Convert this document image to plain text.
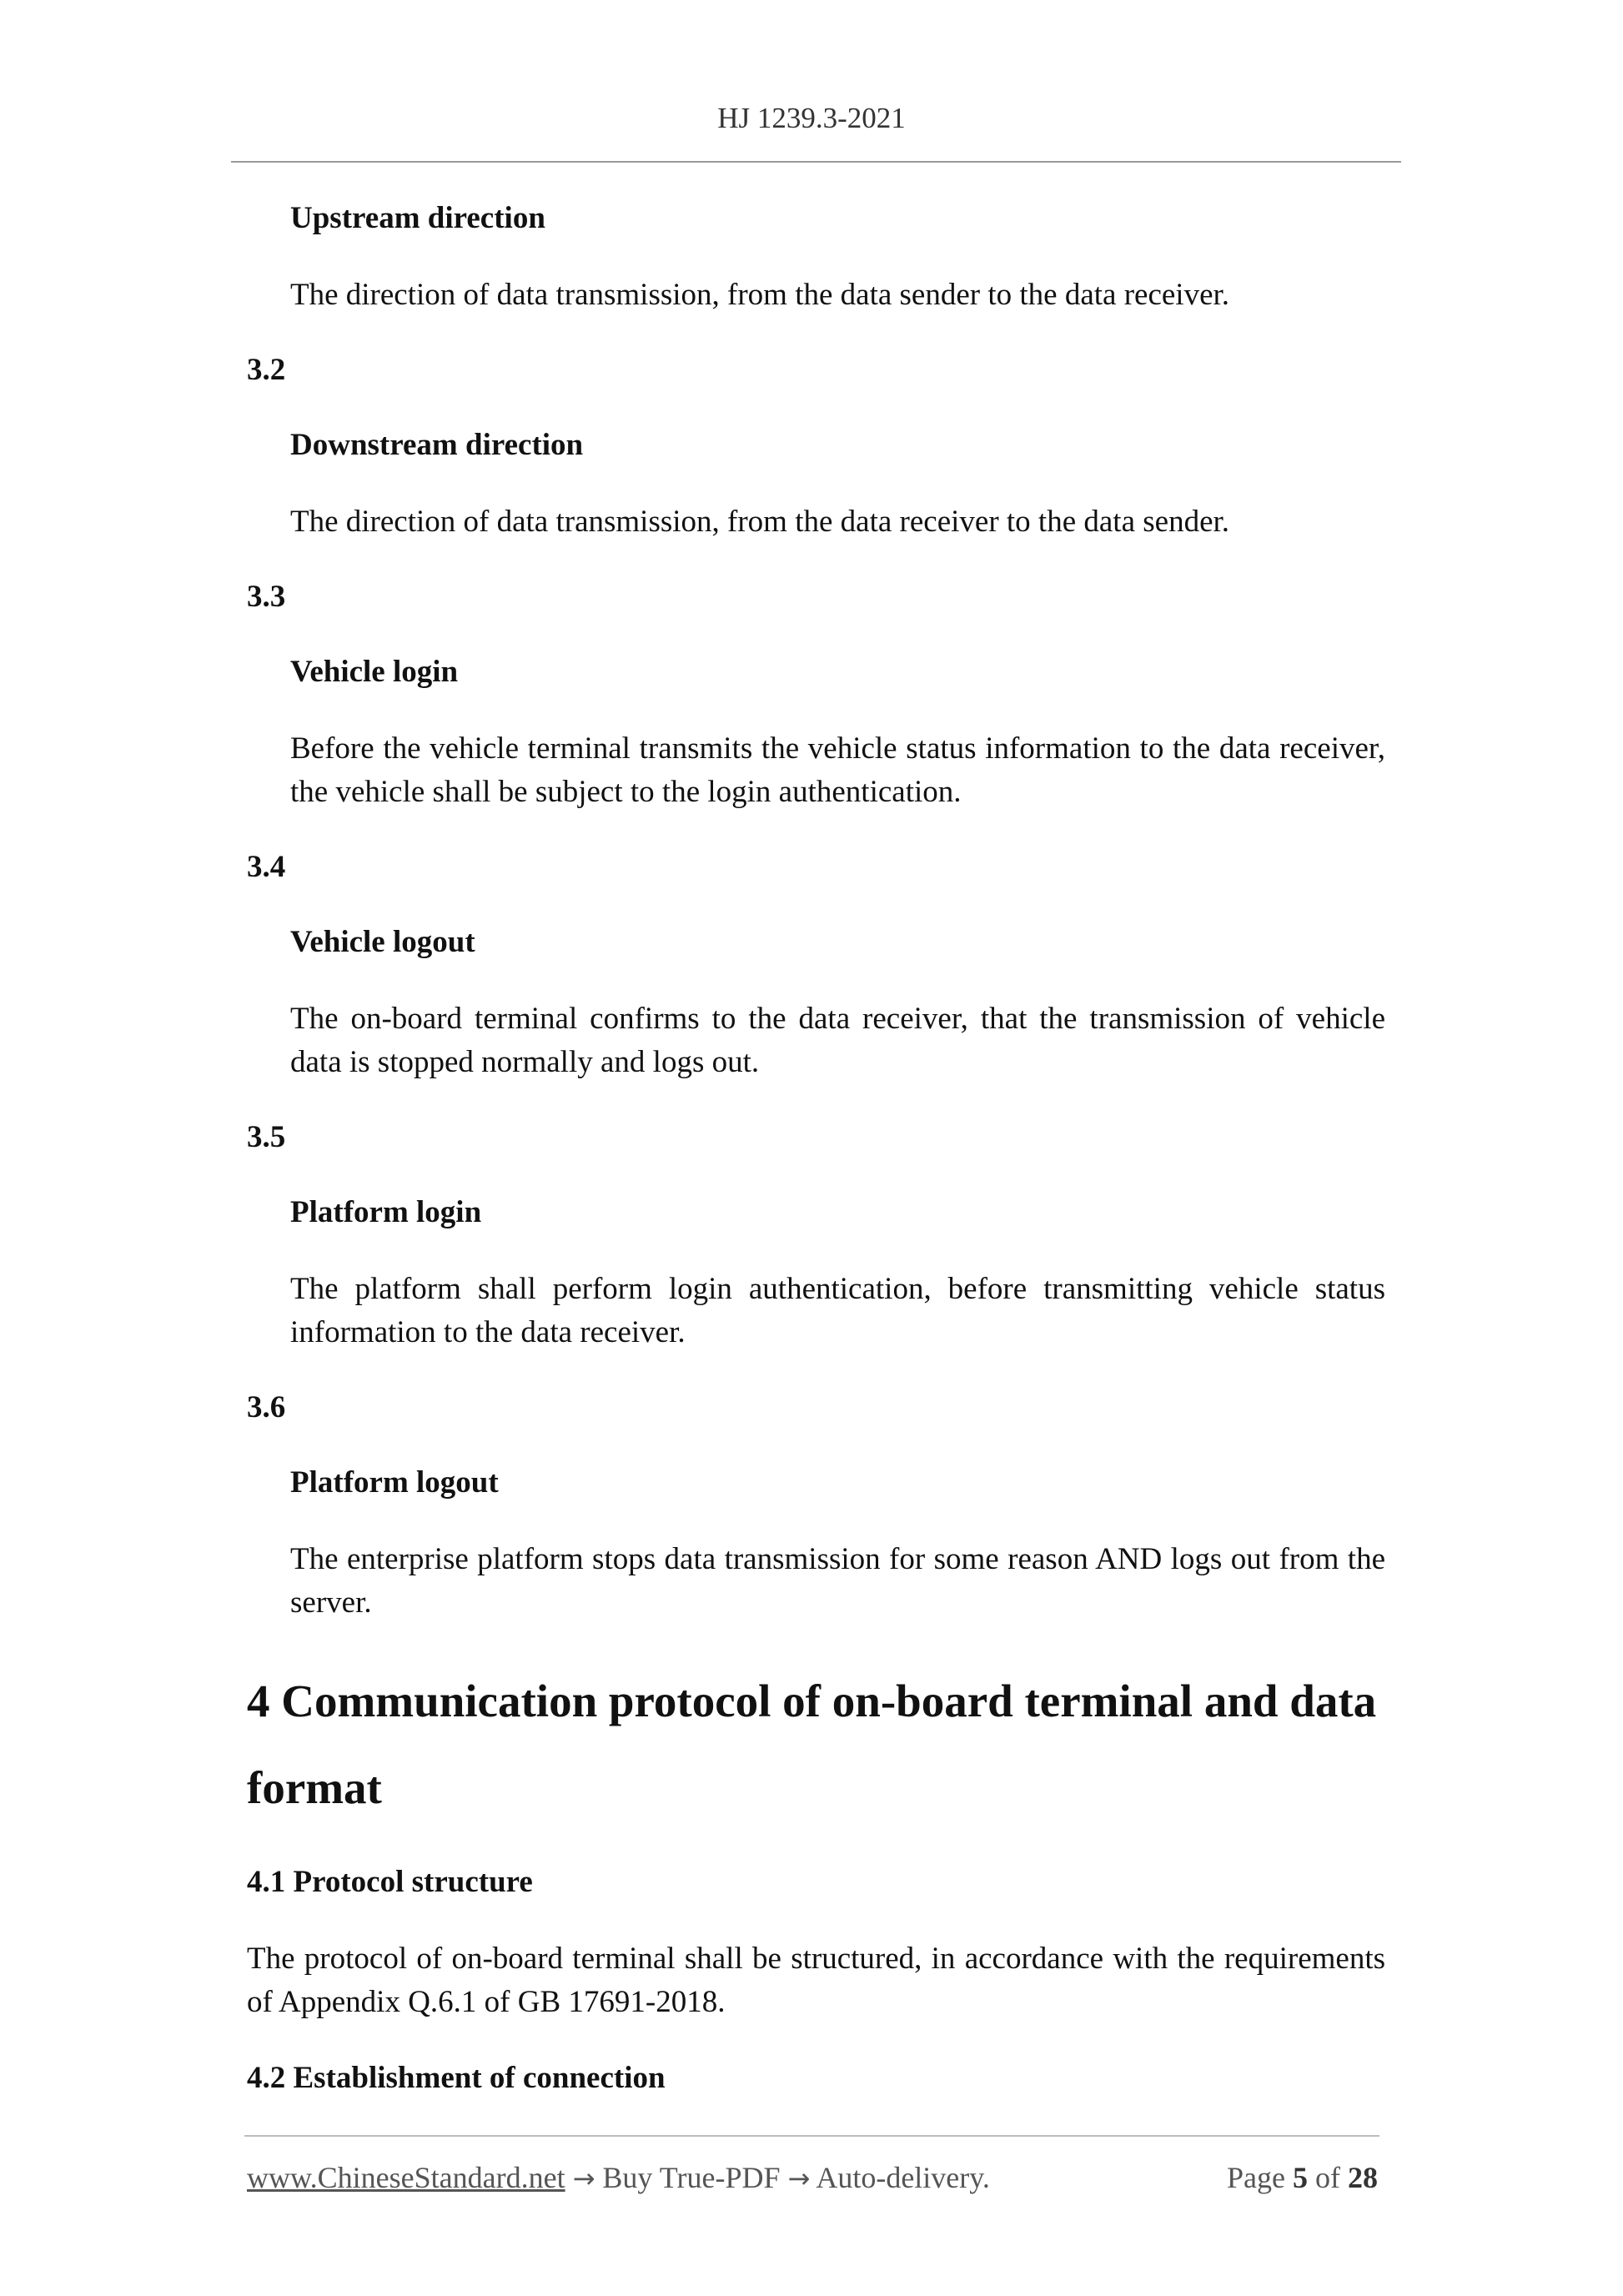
HJ 1239.3-2021

Upstream direction

The direction of data transmission, from the data sender to the data receiver.

3.2

Downstream direction

The direction of data transmission, from the data receiver to the data sender.

3.3

Vehicle login

Before the vehicle terminal transmits the vehicle status information to the data receiver, the vehicle shall be subject to the login authentication.

3.4

Vehicle logout

The on-board terminal confirms to the data receiver, that the transmission of vehicle data is stopped normally and logs out.

3.5

Platform login

The platform shall perform login authentication, before transmitting vehicle status information to the data receiver.

3.6

Platform logout

The enterprise platform stops data transmission for some reason AND logs out from the server.

4 Communication protocol of on-board terminal and data format
4.1 Protocol structure

The protocol of on-board terminal shall be structured, in accordance with the requirements of Appendix Q.6.1 of GB 17691-2018.

4.2 Establishment of connection
www.ChineseStandard.net → Buy True-PDF → Auto-delivery.	Page 5 of 28
